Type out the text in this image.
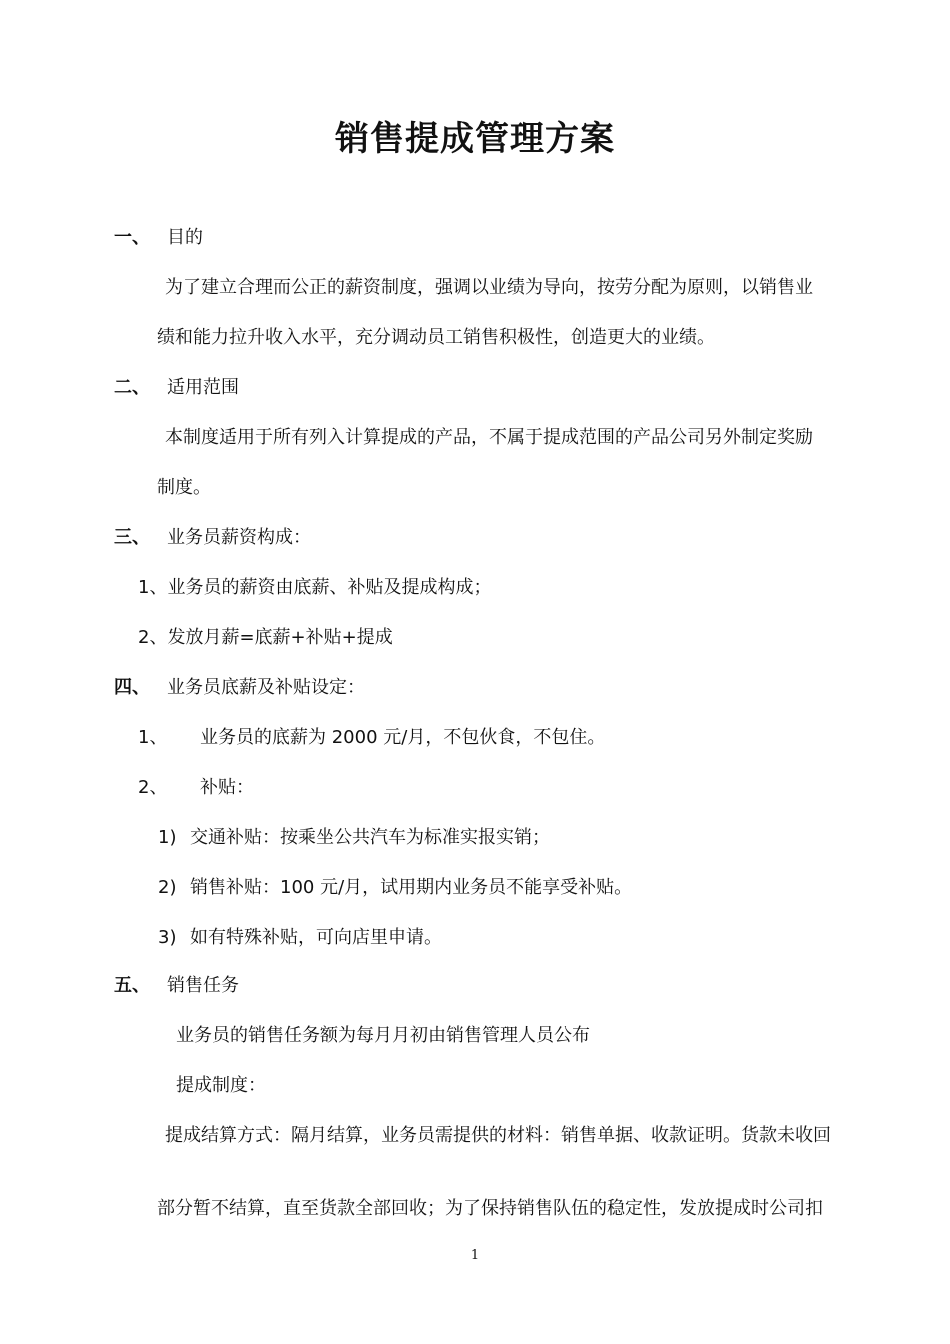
销售提成管理方案
一、 目的
为了建立合理而公正的薪资制度，强调以业绩为导向，按劳分配为原则，以销售业
绩和能力拉升收入水平，充分调动员工销售积极性，创造更大的业绩。
二、 适用范围
本制度适用于所有列入计算提成的产品，不属于提成范围的产品公司另外制定奖励
制度。
三、 业务员薪资构成：
1、业务员的薪资由底薪、补贴及提成构成；
2、发放月薪=底薪+补贴+提成
四、 业务员底薪及补贴设定：
1、 业务员的底薪为 2000 元/月，不包伙食，不包住。
2、 补贴：
1) 交通补贴：按乘坐公共汽车为标准实报实销；
2) 销售补贴：100 元/月，试用期内业务员不能享受补贴。
3) 如有特殊补贴，可向店里申请。
五、 销售任务
业务员的销售任务额为每月月初由销售管理人员公布
提成制度：
提成结算方式：隔月结算，业务员需提供的材料：销售单据、收款证明。货款未收回
部分暂不结算，直至货款全部回收；为了保持销售队伍的稳定性，发放提成时公司扣
1
